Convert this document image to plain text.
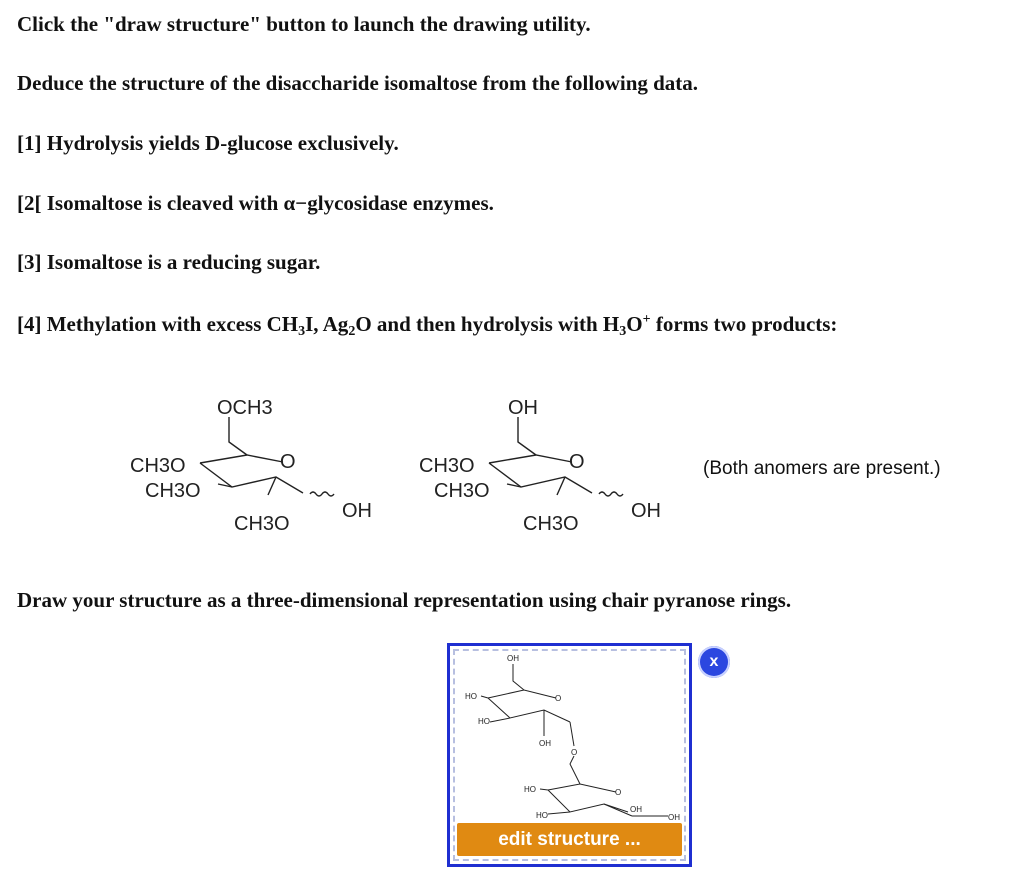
Click the "draw structure" button to launch the drawing utility.

Deduce the structure of the disaccharide isomaltose from the following data.

[1] Hydrolysis yields D-glucose exclusively.

[2[ Isomaltose is cleaved with α−glycosidase enzymes.

[3] Isomaltose is a reducing sugar.

[4] Methylation with excess $CH_3I$, $Ag_2O$ and then hydrolysis with $H_3O^+$ forms two products:

OCH3
CH3O
CH3O
CH3O
O
OH
OH
CH3O
CH3O
CH3O
O
OH
(Both anomers are present.)

Draw your structure as a three-dimensional representation using chair pyranose rings.

OH
HO
HO
O
OH
O
HO
HO
O
OH
OH
edit structure ...
x
